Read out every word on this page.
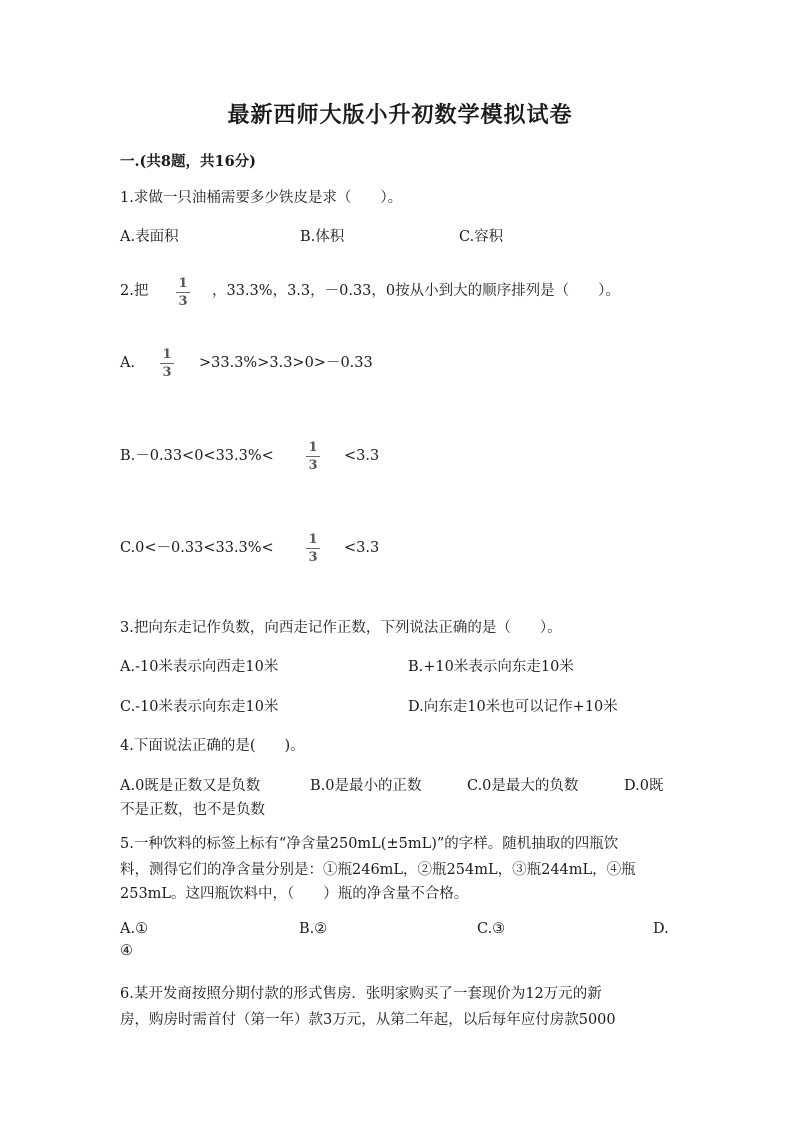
最新西师大版小升初数学模拟试卷
一.(共8题，共16分)
1.求做一只油桶需要多少铁皮是求（　　）。
A.表面积	B.体积	C.容积
2.把 1
3
，33.3%，3.3，－0.33，0按从小到大的顺序排列是（　　）。
A.
1
3
>33.3%>3.3>0>－0.33
B.－0.33<0<33.3%<
1
3
<3.3
C.0<－0.33<33.3%<
1
3
<3.3
3.把向东走记作负数，向西走记作正数，下列说法正确的是（　　）。
A.-10米表示向西走10米	B.+10米表示向东走10米
C.-10米表示向东走10米	D.向东走10米也可以记作+10米
4.下面说法正确的是(　　)。
A.0既是正数又是负数	B.0是最小的正数	C.0是最大的负数	D.0既
不是正数，也不是负数
5.一种饮料的标签上标有“净含量250mL(±5mL)”的字样。随机抽取的四瓶饮
料，测得它们的净含量分别是：①瓶246mL，②瓶254mL，③瓶244mL，④瓶
253mL。这四瓶饮料中，（　　）瓶的净含量不合格。
A.①	B.②	C.③	D.
④
6.某开发商按照分期付款的形式售房．张明家购买了一套现价为12万元的新
房，购房时需首付（第一年）款3万元，从第二年起，以后每年应付房款5000
